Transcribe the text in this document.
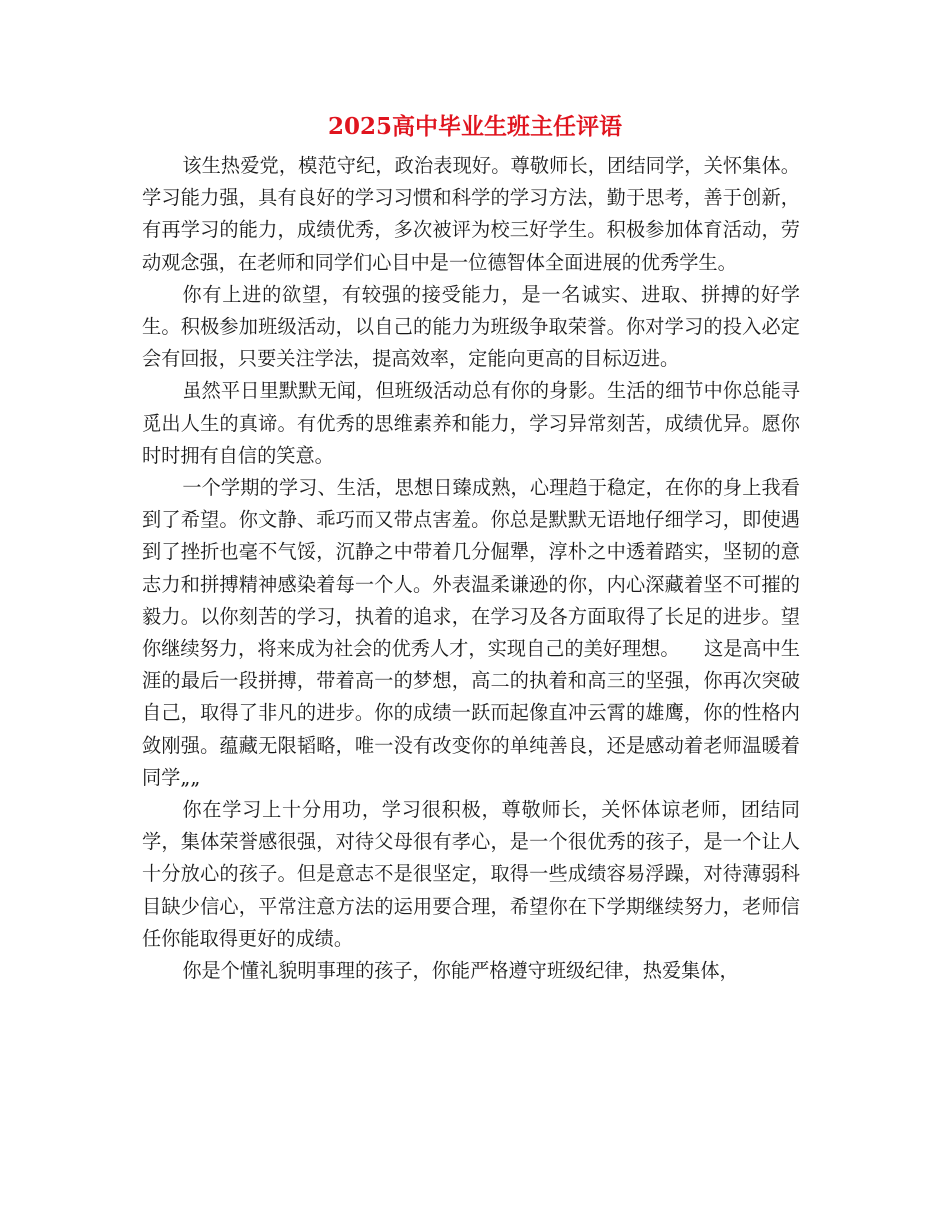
2025高中毕业生班主任评语

该生热爱党，模范守纪，政治表现好。尊敬师长，团结同学，关怀集体。学习能力强，具有良好的学习习惯和科学的学习方法，勤于思考，善于创新，有再学习的能力，成绩优秀，多次被评为校三好学生。积极参加体育活动，劳动观念强，在老师和同学们心目中是一位德智体全面进展的优秀学生。

你有上进的欲望，有较强的接受能力，是一名诚实、进取、拼搏的好学生。积极参加班级活动，以自己的能力为班级争取荣誉。你对学习的投入必定会有回报，只要关注学法，提高效率，定能向更高的目标迈进。

虽然平日里默默无闻，但班级活动总有你的身影。生活的细节中你总能寻觅出人生的真谛。有优秀的思维素养和能力，学习异常刻苦，成绩优异。愿你时时拥有自信的笑意。

一个学期的学习、生活，思想日臻成熟，心理趋于稳定，在你的身上我看到了希望。你文静、乖巧而又带点害羞。你总是默默无语地仔细学习，即使遇到了挫折也毫不气馁，沉静之中带着几分倔犟，淳朴之中透着踏实，坚韧的意志力和拼搏精神感染着每一个人。外表温柔谦逊的你，内心深藏着坚不可摧的毅力。以你刻苦的学习，执着的追求，在学习及各方面取得了长足的进步。望你继续努力，将来成为社会的优秀人才，实现自己的美好理想。    这是高中生涯的最后一段拼搏，带着高一的梦想，高二的执着和高三的坚强，你再次突破自己，取得了非凡的进步。你的成绩一跃而起像直冲云霄的雄鹰，你的性格内敛刚强。蕴藏无限韬略，唯一没有改变你的单纯善良，还是感动着老师温暖着同学„„

你在学习上十分用功，学习很积极，尊敬师长，关怀体谅老师，团结同学，集体荣誉感很强，对待父母很有孝心，是一个很优秀的孩子，是一个让人十分放心的孩子。但是意志不是很坚定，取得一些成绩容易浮躁，对待薄弱科目缺少信心，平常注意方法的运用要合理，希望你在下学期继续努力，老师信任你能取得更好的成绩。

你是个懂礼貌明事理的孩子，你能严格遵守班级纪律，热爱集体，
